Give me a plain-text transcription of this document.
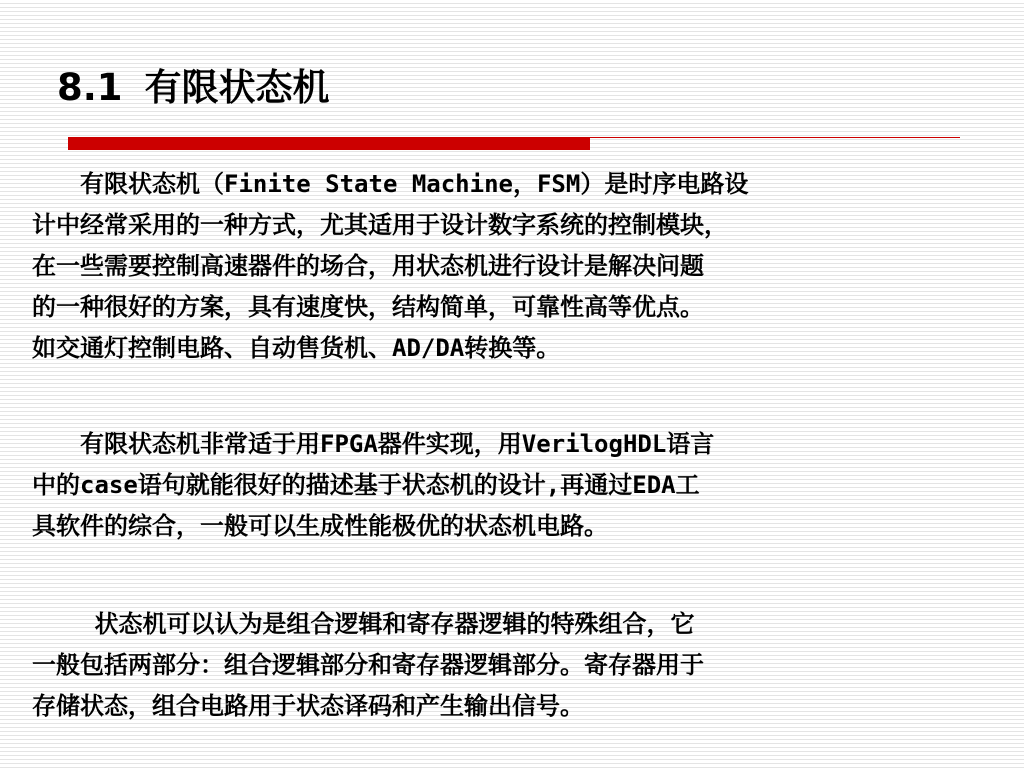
8.1 有限状态机

　　有限状态机（Finite State Machine，FSM）是时序电路设
计中经常采用的一种方式，尤其适用于设计数字系统的控制模块，
在一些需要控制高速器件的场合，用状态机进行设计是解决问题
的一种很好的方案，具有速度快，结构简单，可靠性高等优点。
如交通灯控制电路、自动售货机、AD/DA转换等。

　　有限状态机非常适于用FPGA器件实现，用VerilogHDL语言
中的case语句就能很好的描述基于状态机的设计,再通过EDA工
具软件的综合，一般可以生成性能极优的状态机电路。

　　 状态机可以认为是组合逻辑和寄存器逻辑的特殊组合，它
一般包括两部分：组合逻辑部分和寄存器逻辑部分。寄存器用于
存储状态，组合电路用于状态译码和产生输出信号。
